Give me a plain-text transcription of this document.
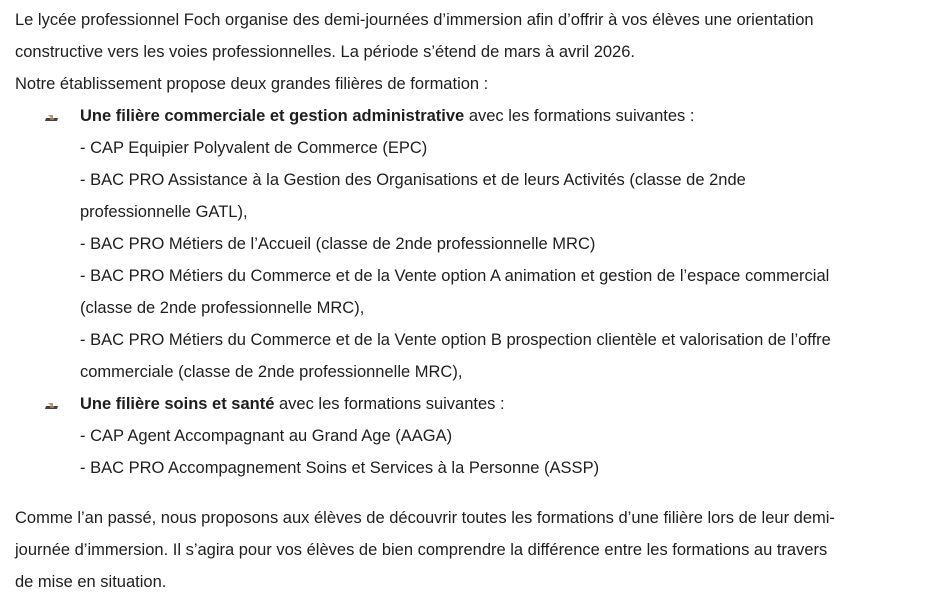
Le lycée professionnel Foch organise des demi-journées d’immersion afin d’offrir à vos élèves une orientation
constructive vers les voies professionnelles. La période s’étend de mars à avril 2026.
Notre établissement propose deux grandes filières de formation :
Une filière commerciale et gestion administrative avec les formations suivantes :
- CAP Equipier Polyvalent de Commerce (EPC)
- BAC PRO Assistance à la Gestion des Organisations et de leurs Activités (classe de 2nde
professionnelle GATL),
- BAC PRO Métiers de l’Accueil (classe de 2nde professionnelle MRC)
- BAC PRO Métiers du Commerce et de la Vente option A animation et gestion de l’espace commercial
(classe de 2nde professionnelle MRC),
- BAC PRO Métiers du Commerce et de la Vente option B prospection clientèle et valorisation de l’offre
commerciale (classe de 2nde professionnelle MRC),
Une filière soins et santé avec les formations suivantes :
- CAP Agent Accompagnant au Grand Age (AAGA)
- BAC PRO Accompagnement Soins et Services à la Personne (ASSP)
Comme l’an passé, nous proposons aux élèves de découvrir toutes les formations d’une filière lors de leur demi-
journée d’immersion. Il s’agira pour vos élèves de bien comprendre la différence entre les formations au travers
de mise en situation.
